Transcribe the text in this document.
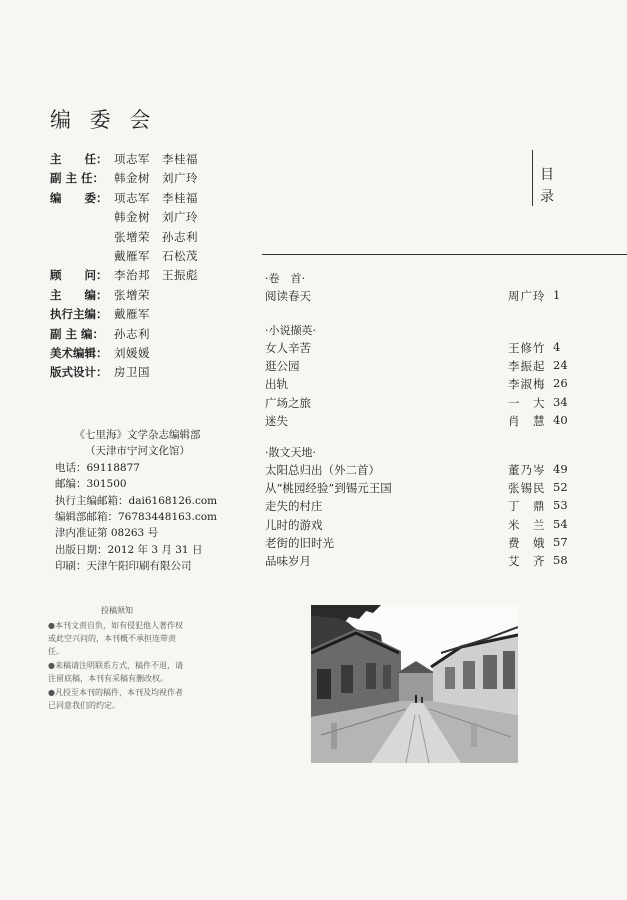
编 委 会
主　　任： 项志军　李桂福
副 主 任： 韩金树　刘广玲
编　　委： 项志军　李桂福
韩金树　刘广玲
张增荣　孙志利
戴雁军　石松茂
顾　　问： 李治邦　王振彪
主　　编： 张增荣
执行主编： 戴雁军
副 主 编： 孙志利
美术编辑： 刘媛媛
版式设计： 房卫国
《七里海》文学杂志编辑部
（天津市宁河文化馆）
电话：69118877
邮编：301500
执行主编邮箱：dai6168126.com
编辑部邮箱：76783448163.com
津内准证第 08263 号
出版日期：2012 年 3 月 31 日
印刷：天津午阳印刷有限公司
投稿须知
●本刊文责自负，如有侵犯他人著作权或此空兴问的，本刊概不承担连带责任。
●来稿请注明联系方式，稿件不退，请注留底稿，本刊有采稿有删改权。
●凡投至本刊的稿件，本刊及均视作者已同意我们的约定。
目录
·卷　首·
阅读春天	周广玲 1
·小说撷英·
女人辛苦	王修竹 4
逛公园	李振起 24
出轨	李淑梅 26
广场之旅	一　大 34
迷失	肖　慧 40
·散文天地·
太阳总归出（外二首）	董乃岑 49
从“桃园经验”到锡元王国	张锡民 52
走失的村庄	丁　鼎 53
儿时的游戏	米　兰 54
老街的旧时光	费　娥 57
品味岁月	艾　齐 58
